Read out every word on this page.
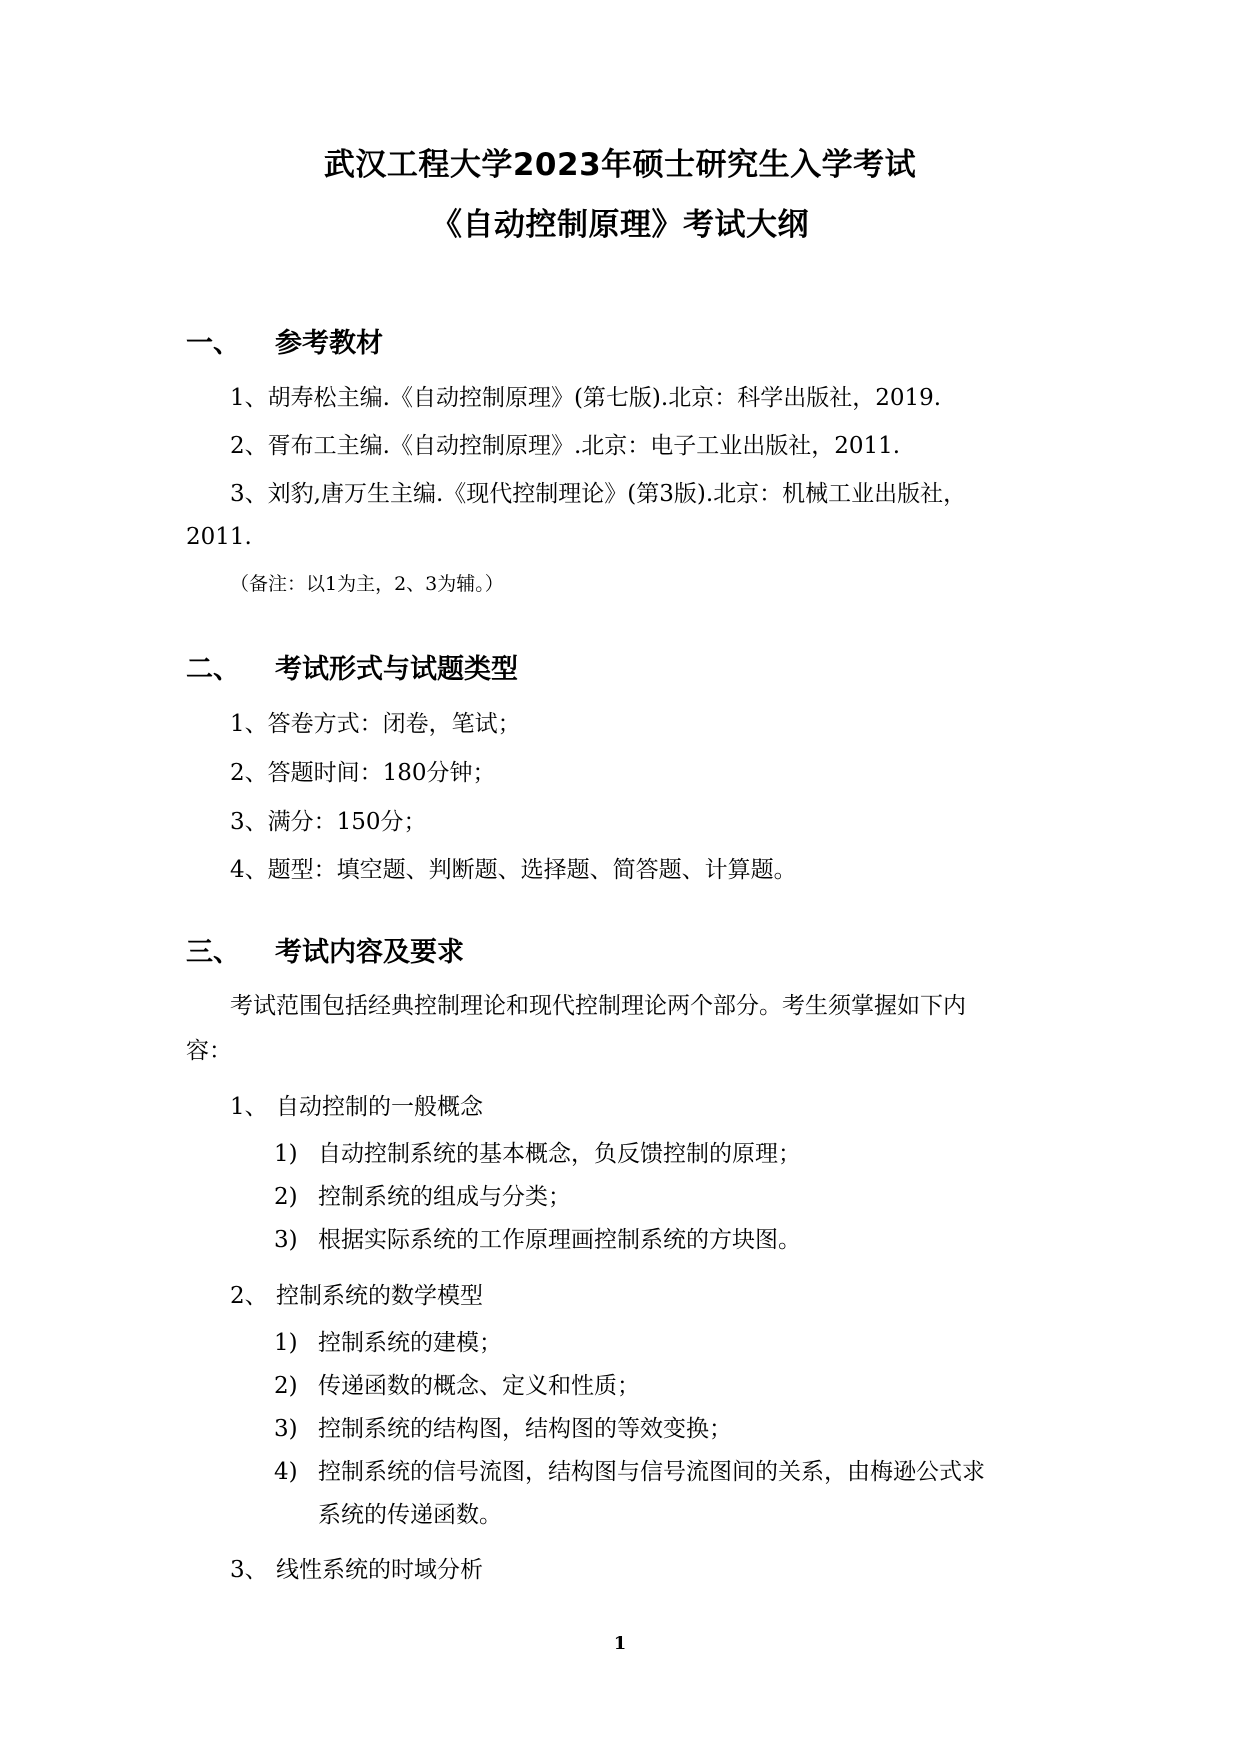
武汉工程大学2023年硕士研究生入学考试
《自动控制原理》考试大纲
一、 参考教材
1、胡寿松主编.《自动控制原理》(第七版).北京：科学出版社，2019.
2、胥布工主编.《自动控制原理》.北京：电子工业出版社，2011.
3、刘豹,唐万生主编.《现代控制理论》(第3版).北京：机械工业出版社，
2011.
（备注：以1为主，2、3为辅。）
二、 考试形式与试题类型
1、答卷方式：闭卷，笔试；
2、答题时间：180分钟；
3、满分：150分；
4、题型：填空题、判断题、选择题、简答题、计算题。
三、 考试内容及要求
考试范围包括经典控制理论和现代控制理论两个部分。考生须掌握如下内
容：
1、 自动控制的一般概念
1) 自动控制系统的基本概念，负反馈控制的原理；
2) 控制系统的组成与分类；
3) 根据实际系统的工作原理画控制系统的方块图。
2、 控制系统的数学模型
1) 控制系统的建模；
2) 传递函数的概念、定义和性质；
3) 控制系统的结构图，结构图的等效变换；
4) 控制系统的信号流图，结构图与信号流图间的关系，由梅逊公式求
系统的传递函数。
3、 线性系统的时域分析
1
